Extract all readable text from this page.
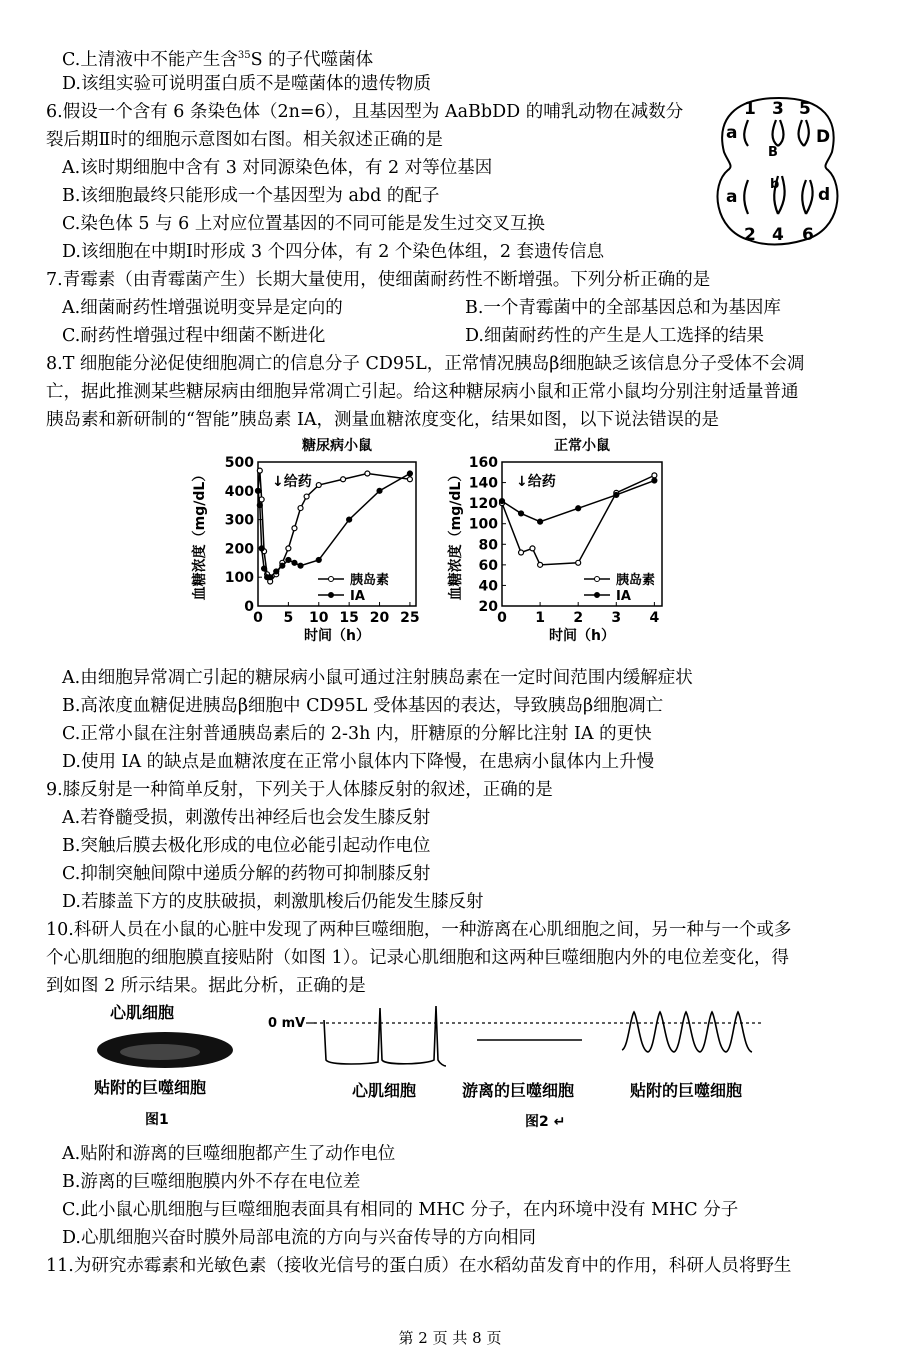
C.上清液中不能产生含$^{35}$S 的子代噬菌体
D.该组实验可说明蛋白质不是噬菌体的遗传物质
6.假设一个含有 6 条染色体（2n=6），且基因型为 AaBbDD 的哺乳动物在减数分
裂后期Ⅱ时的细胞示意图如右图。相关叙述正确的是
A.该时期细胞中含有 3 对同源染色体，有 2 对等位基因
B.该细胞最终只能形成一个基因型为 abd 的配子
C.染色体 5 与 6 上对应位置基因的不同可能是发生过交叉互换
D.该细胞在中期Ⅰ时形成 3 个四分体，有 2 个染色体组，2 套遗传信息
7.青霉素（由青霉菌产生）长期大量使用，使细菌耐药性不断增强。下列分析正确的是
A.细菌耐药性增强说明变异是定向的	B.一个青霉菌中的全部基因总和为基因库
C.耐药性增强过程中细菌不断进化	D.细菌耐药性的产生是人工选择的结果
8.T 细胞能分泌促使细胞凋亡的信息分子 CD95L，正常情况胰岛β细胞缺乏该信息分子受体不会凋
亡，据此推测某些糖尿病由细胞异常凋亡引起。给这种糖尿病小鼠和正常小鼠均分别注射适量普通
胰岛素和新研制的“智能”胰岛素 IA，测量血糖浓度变化，结果如图，以下说法错误的是
1 3 5
2 4 6
a
B
D
a
b
d
糖尿病小鼠
0
100
200
300
400
500
0 5 10 15 20 25
时间（h）
血糖浓度（mg/dL）	↓给药
胰岛素
IA
正常小鼠
20
40
60
80
100
120
140
160
0 1 2 3 4
时间（h）
血糖浓度（mg/dL）	↓给药
胰岛素
IA
A.由细胞异常凋亡引起的糖尿病小鼠可通过注射胰岛素在一定时间范围内缓解症状
B.高浓度血糖促进胰岛β细胞中 CD95L 受体基因的表达，导致胰岛β细胞凋亡
C.正常小鼠在注射普通胰岛素后的 2-3h 内，肝糖原的分解比注射 IA 的更快
D.使用 IA 的缺点是血糖浓度在正常小鼠体内下降慢，在患病小鼠体内上升慢
9.膝反射是一种简单反射，下列关于人体膝反射的叙述，正确的是
A.若脊髓受损，刺激传出神经后也会发生膝反射
B.突触后膜去极化形成的电位必能引起动作电位
C.抑制突触间隙中递质分解的药物可抑制膝反射
D.若膝盖下方的皮肤破损，刺激肌梭后仍能发生膝反射
10.科研人员在小鼠的心脏中发现了两种巨噬细胞，一种游离在心肌细胞之间，另一种与一个或多
个心肌细胞的细胞膜直接贴附（如图 1）。记录心肌细胞和这两种巨噬细胞内外的电位差变化，得
到如图 2 所示结果。据此分析，正确的是
心肌细胞
贴附的巨噬细胞
图1
0 mV
心肌细胞	游离的巨噬细胞	贴附的巨噬细胞
图2 ↵
A.贴附和游离的巨噬细胞都产生了动作电位
B.游离的巨噬细胞膜内外不存在电位差
C.此小鼠心肌细胞与巨噬细胞表面具有相同的 MHC 分子，在内环境中没有 MHC 分子
D.心肌细胞兴奋时膜外局部电流的方向与兴奋传导的方向相同
11.为研究赤霉素和光敏色素（接收光信号的蛋白质）在水稻幼苗发育中的作用，科研人员将野生
第 2 页 共 8 页
